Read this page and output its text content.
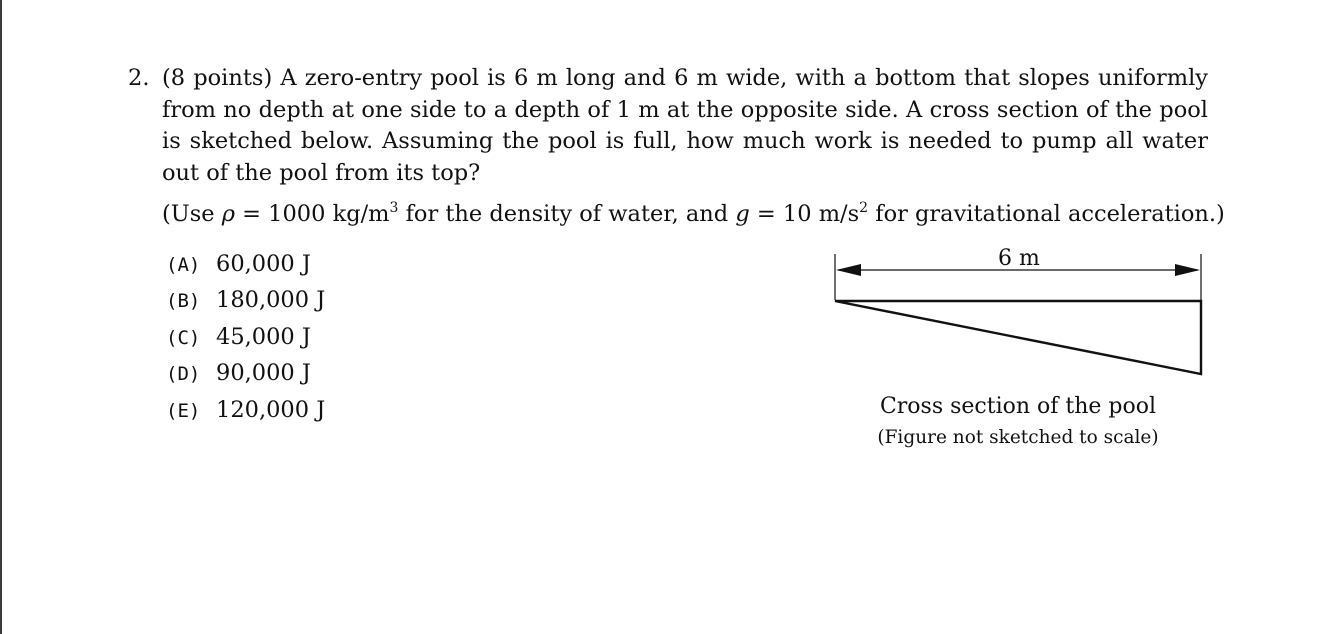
2. (8 points) A zero-entry pool is 6 m long and 6 m wide, with a bottom that slopes uniformly from no depth at one side to a depth of 1 m at the opposite side. A cross section of the pool is sketched below. Assuming the pool is full, how much work is needed to pump all water out of the pool from its top?
(Use ρ = 1000 $kg/m^3$ for the density of water, and g = 10 $m/s^2$ for gravitational acceleration.)
(A) 60,000 J
(B) 180,000 J
(C) 45,000 J
(D) 90,000 J
(E) 120,000 J
6 m
Cross section of the pool
(Figure not sketched to scale)
